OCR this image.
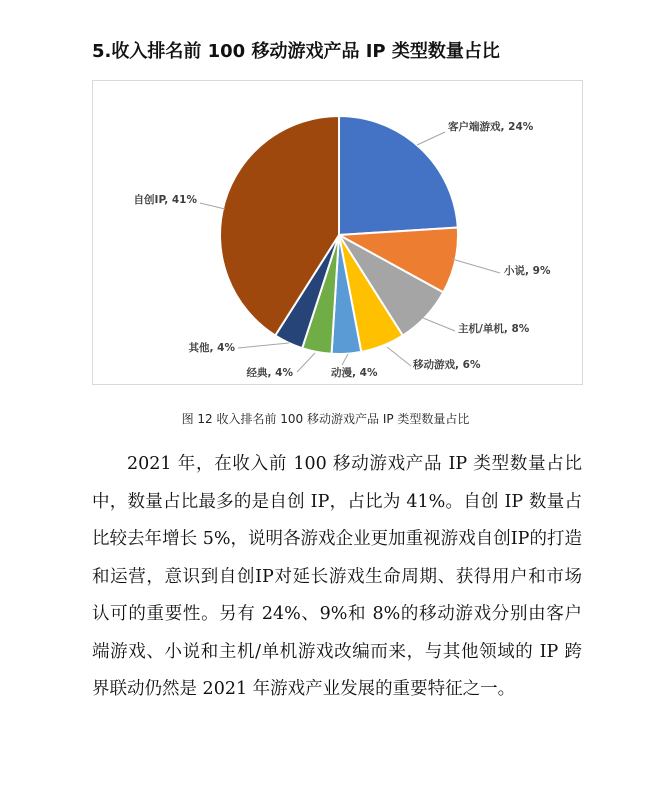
5.收入排名前 100 移动游戏产品 IP 类型数量占比
客户端游戏, 24%
小说, 9%
主机/单机, 8%
移动游戏, 6%
动漫, 4%
经典, 4%
其他, 4%
自创IP, 41%
图 12 收入排名前 100 移动游戏产品 IP 类型数量占比

2021 年，在收入前 100 移动游戏产品 IP 类型数量占比中，数量占比最多的是自创 IP，占比为 41%。自创 IP 数量占比较去年增长 5%，说明各游戏企业更加重视游戏自创IP的打造和运营，意识到自创IP对延长游戏生命周期、获得用户和市场认可的重要性。另有 24%、9%和 8%的移动游戏分别由客户端游戏、小说和主机/单机游戏改编而来，与其他领域的 IP 跨界联动仍然是 2021 年游戏产业发展的重要特征之一。
